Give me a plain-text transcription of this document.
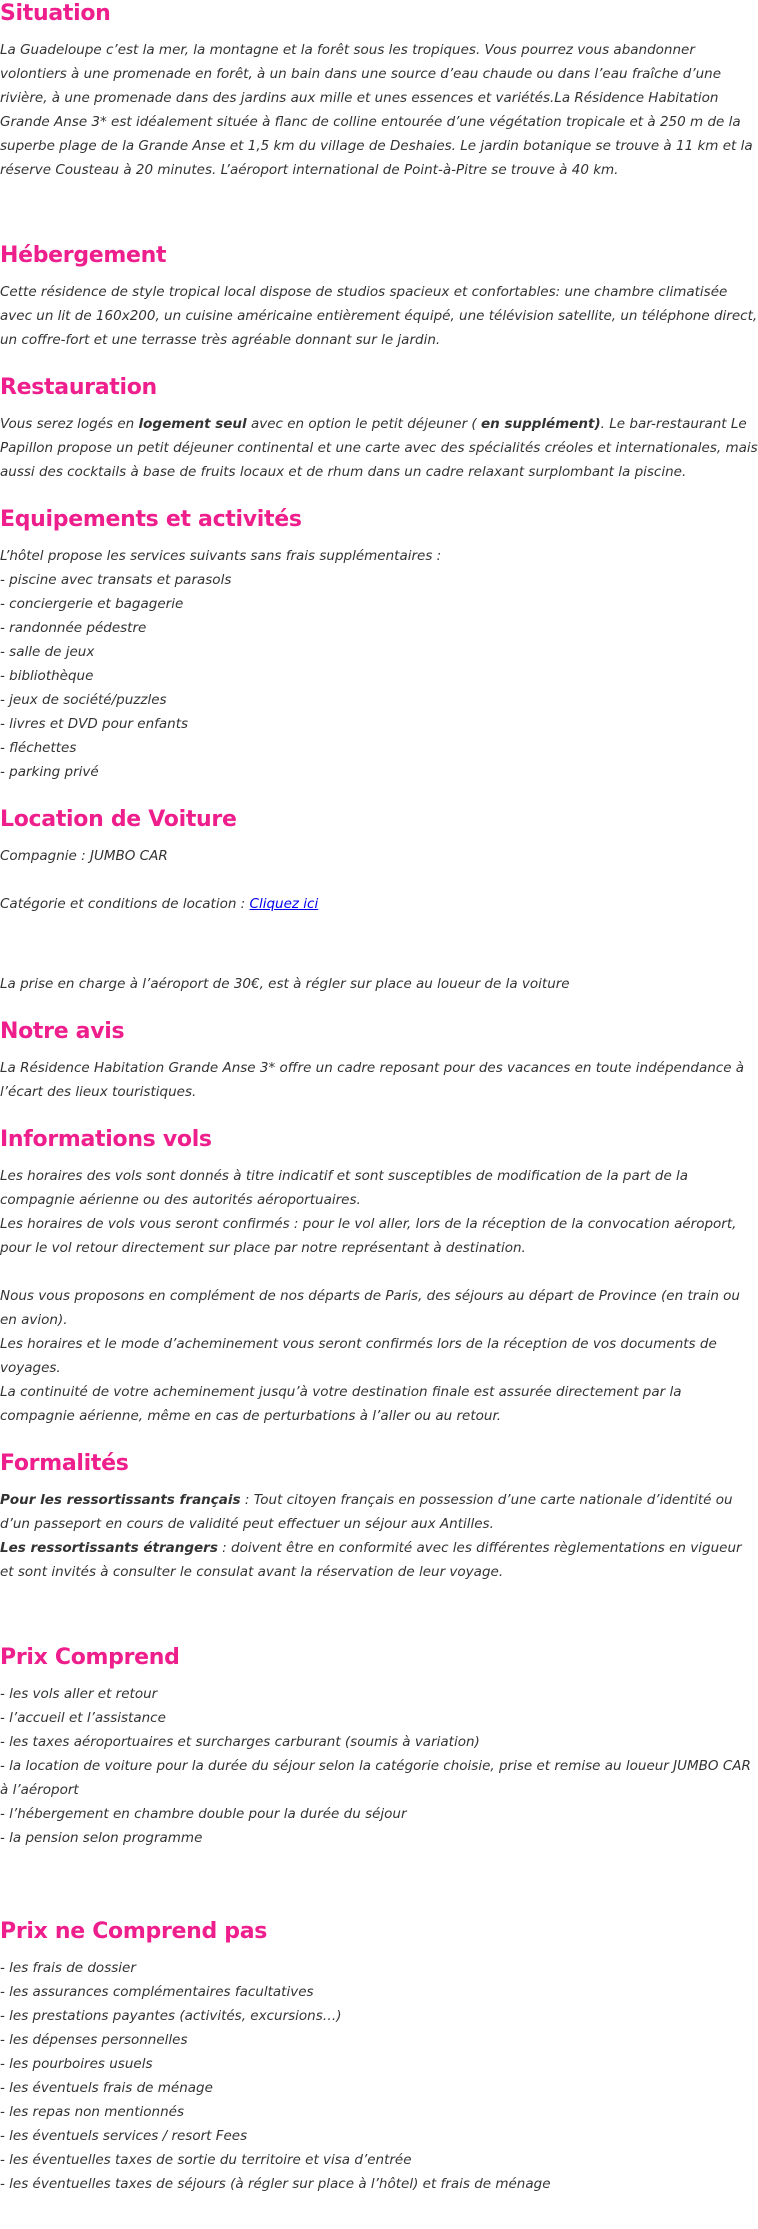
Situation

La Guadeloupe c’est la mer, la montagne et la forêt sous les tropiques. Vous pourrez vous abandonner volontiers à une promenade en forêt, à un bain dans une source d’eau chaude ou dans l’eau fraîche d’une rivière, à une promenade dans des jardins aux mille et unes essences et variétés.La Résidence Habitation Grande Anse 3* est idéalement située à flanc de colline entourée d’une végétation tropicale et à 250 m de la superbe plage de la Grande Anse et 1,5 km du village de Deshaies. Le jardin botanique se trouve à 11 km et la réserve Cousteau à 20 minutes. L’aéroport international de Point-à-Pitre se trouve à 40 km.

Hébergement

Cette résidence de style tropical local dispose de studios spacieux et confortables: une chambre climatisée avec un lit de 160x200, un cuisine américaine entièrement équipé, une télévision satellite, un téléphone direct, un coffre-fort et une terrasse très agréable donnant sur le jardin.

Restauration

Vous serez logés en logement seul avec en option le petit déjeuner ( en supplément). Le bar-restaurant Le Papillon propose un petit déjeuner continental et une carte avec des spécialités créoles et internationales, mais aussi des cocktails à base de fruits locaux et de rhum dans un cadre relaxant surplombant la piscine.

Equipements et activités

L’hôtel propose les services suivants sans frais supplémentaires :
- piscine avec transats et parasols
- conciergerie et bagagerie
- randonnée pédestre
- salle de jeux
- bibliothèque
- jeux de société/puzzles
- livres et DVD pour enfants
- fléchettes
- parking privé

Location de Voiture

Compagnie : JUMBO CAR

Catégorie et conditions de location : Cliquez ici

La prise en charge à l’aéroport de 30€, est à régler sur place au loueur de la voiture

Notre avis

La Résidence Habitation Grande Anse 3* offre un cadre reposant pour des vacances en toute indépendance à l’écart des lieux touristiques.

Informations vols

Les horaires des vols sont donnés à titre indicatif et sont susceptibles de modification de la part de la compagnie aérienne ou des autorités aéroportuaires.
Les horaires de vols vous seront confirmés : pour le vol aller, lors de la réception de la convocation aéroport, pour le vol retour directement sur place par notre représentant à destination.

Nous vous proposons en complément de nos départs de Paris, des séjours au départ de Province (en train ou en avion).
Les horaires et le mode d’acheminement vous seront confirmés lors de la réception de vos documents de voyages.
La continuité de votre acheminement jusqu’à votre destination finale est assurée directement par la compagnie aérienne, même en cas de perturbations à l’aller ou au retour.

Formalités

Pour les ressortissants français : Tout citoyen français en possession d’une carte nationale d’identité ou d’un passeport en cours de validité peut effectuer un séjour aux Antilles.
Les ressortissants étrangers : doivent être en conformité avec les différentes règlementations en vigueur et sont invités à consulter le consulat avant la réservation de leur voyage.

Prix Comprend

- les vols aller et retour
- l’accueil et l’assistance
- les taxes aéroportuaires et surcharges carburant (soumis à variation)
- la location de voiture pour la durée du séjour selon la catégorie choisie, prise et remise au loueur JUMBO CAR à l’aéroport
- l’hébergement en chambre double pour la durée du séjour
- la pension selon programme

Prix ne Comprend pas

- les frais de dossier
- les assurances complémentaires facultatives
- les prestations payantes (activités, excursions…)
- les dépenses personnelles
- les pourboires usuels
- les éventuels frais de ménage
- les repas non mentionnés
- les éventuels services / resort Fees
- les éventuelles taxes de sortie du territoire et visa d’entrée
- les éventuelles taxes de séjours (à régler sur place à l’hôtel) et frais de ménage
